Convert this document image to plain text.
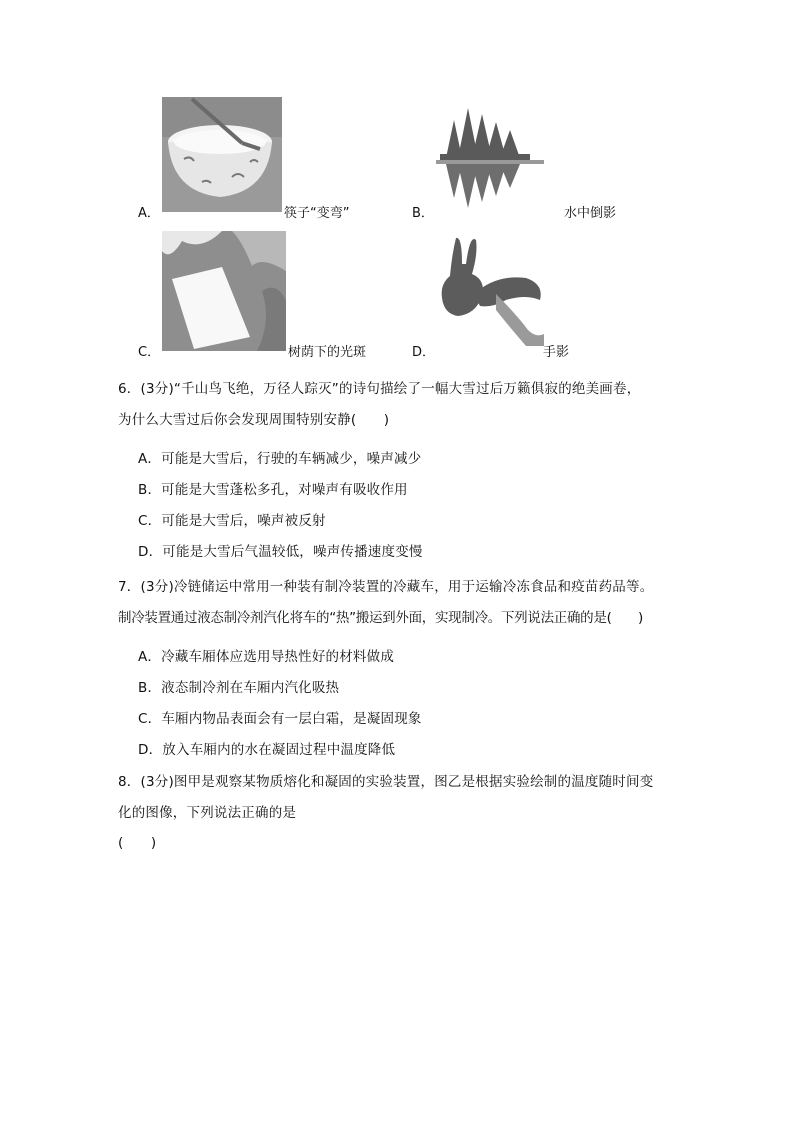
A．	筷子“变弯”	B．	水中倒影
C．	树荫下的光斑	D．	手影
6．(3分)“千山鸟飞绝，万径人踪灭”的诗句描绘了一幅大雪过后万籁俱寂的绝美画卷，
为什么大雪过后你会发现周围特别安静(　　)
A．可能是大雪后，行驶的车辆减少，噪声减少
B．可能是大雪蓬松多孔，对噪声有吸收作用
C．可能是大雪后，噪声被反射
D．可能是大雪后气温较低，噪声传播速度变慢
7．(3分)冷链储运中常用一种装有制冷装置的冷藏车，用于运输冷冻食品和疫苗药品等。
制冷装置通过液态制冷剂汽化将车的“热”搬运到外面，实现制冷。下列说法正确的是(　　)
A．冷藏车厢体应选用导热性好的材料做成
B．液态制冷剂在车厢内汽化吸热
C．车厢内物品表面会有一层白霜，是凝固现象
D．放入车厢内的水在凝固过程中温度降低
8．(3分)图甲是观察某物质熔化和凝固的实验装置，图乙是根据实验绘制的温度随时间变
化的图像，下列说法正确的是
(　　)
